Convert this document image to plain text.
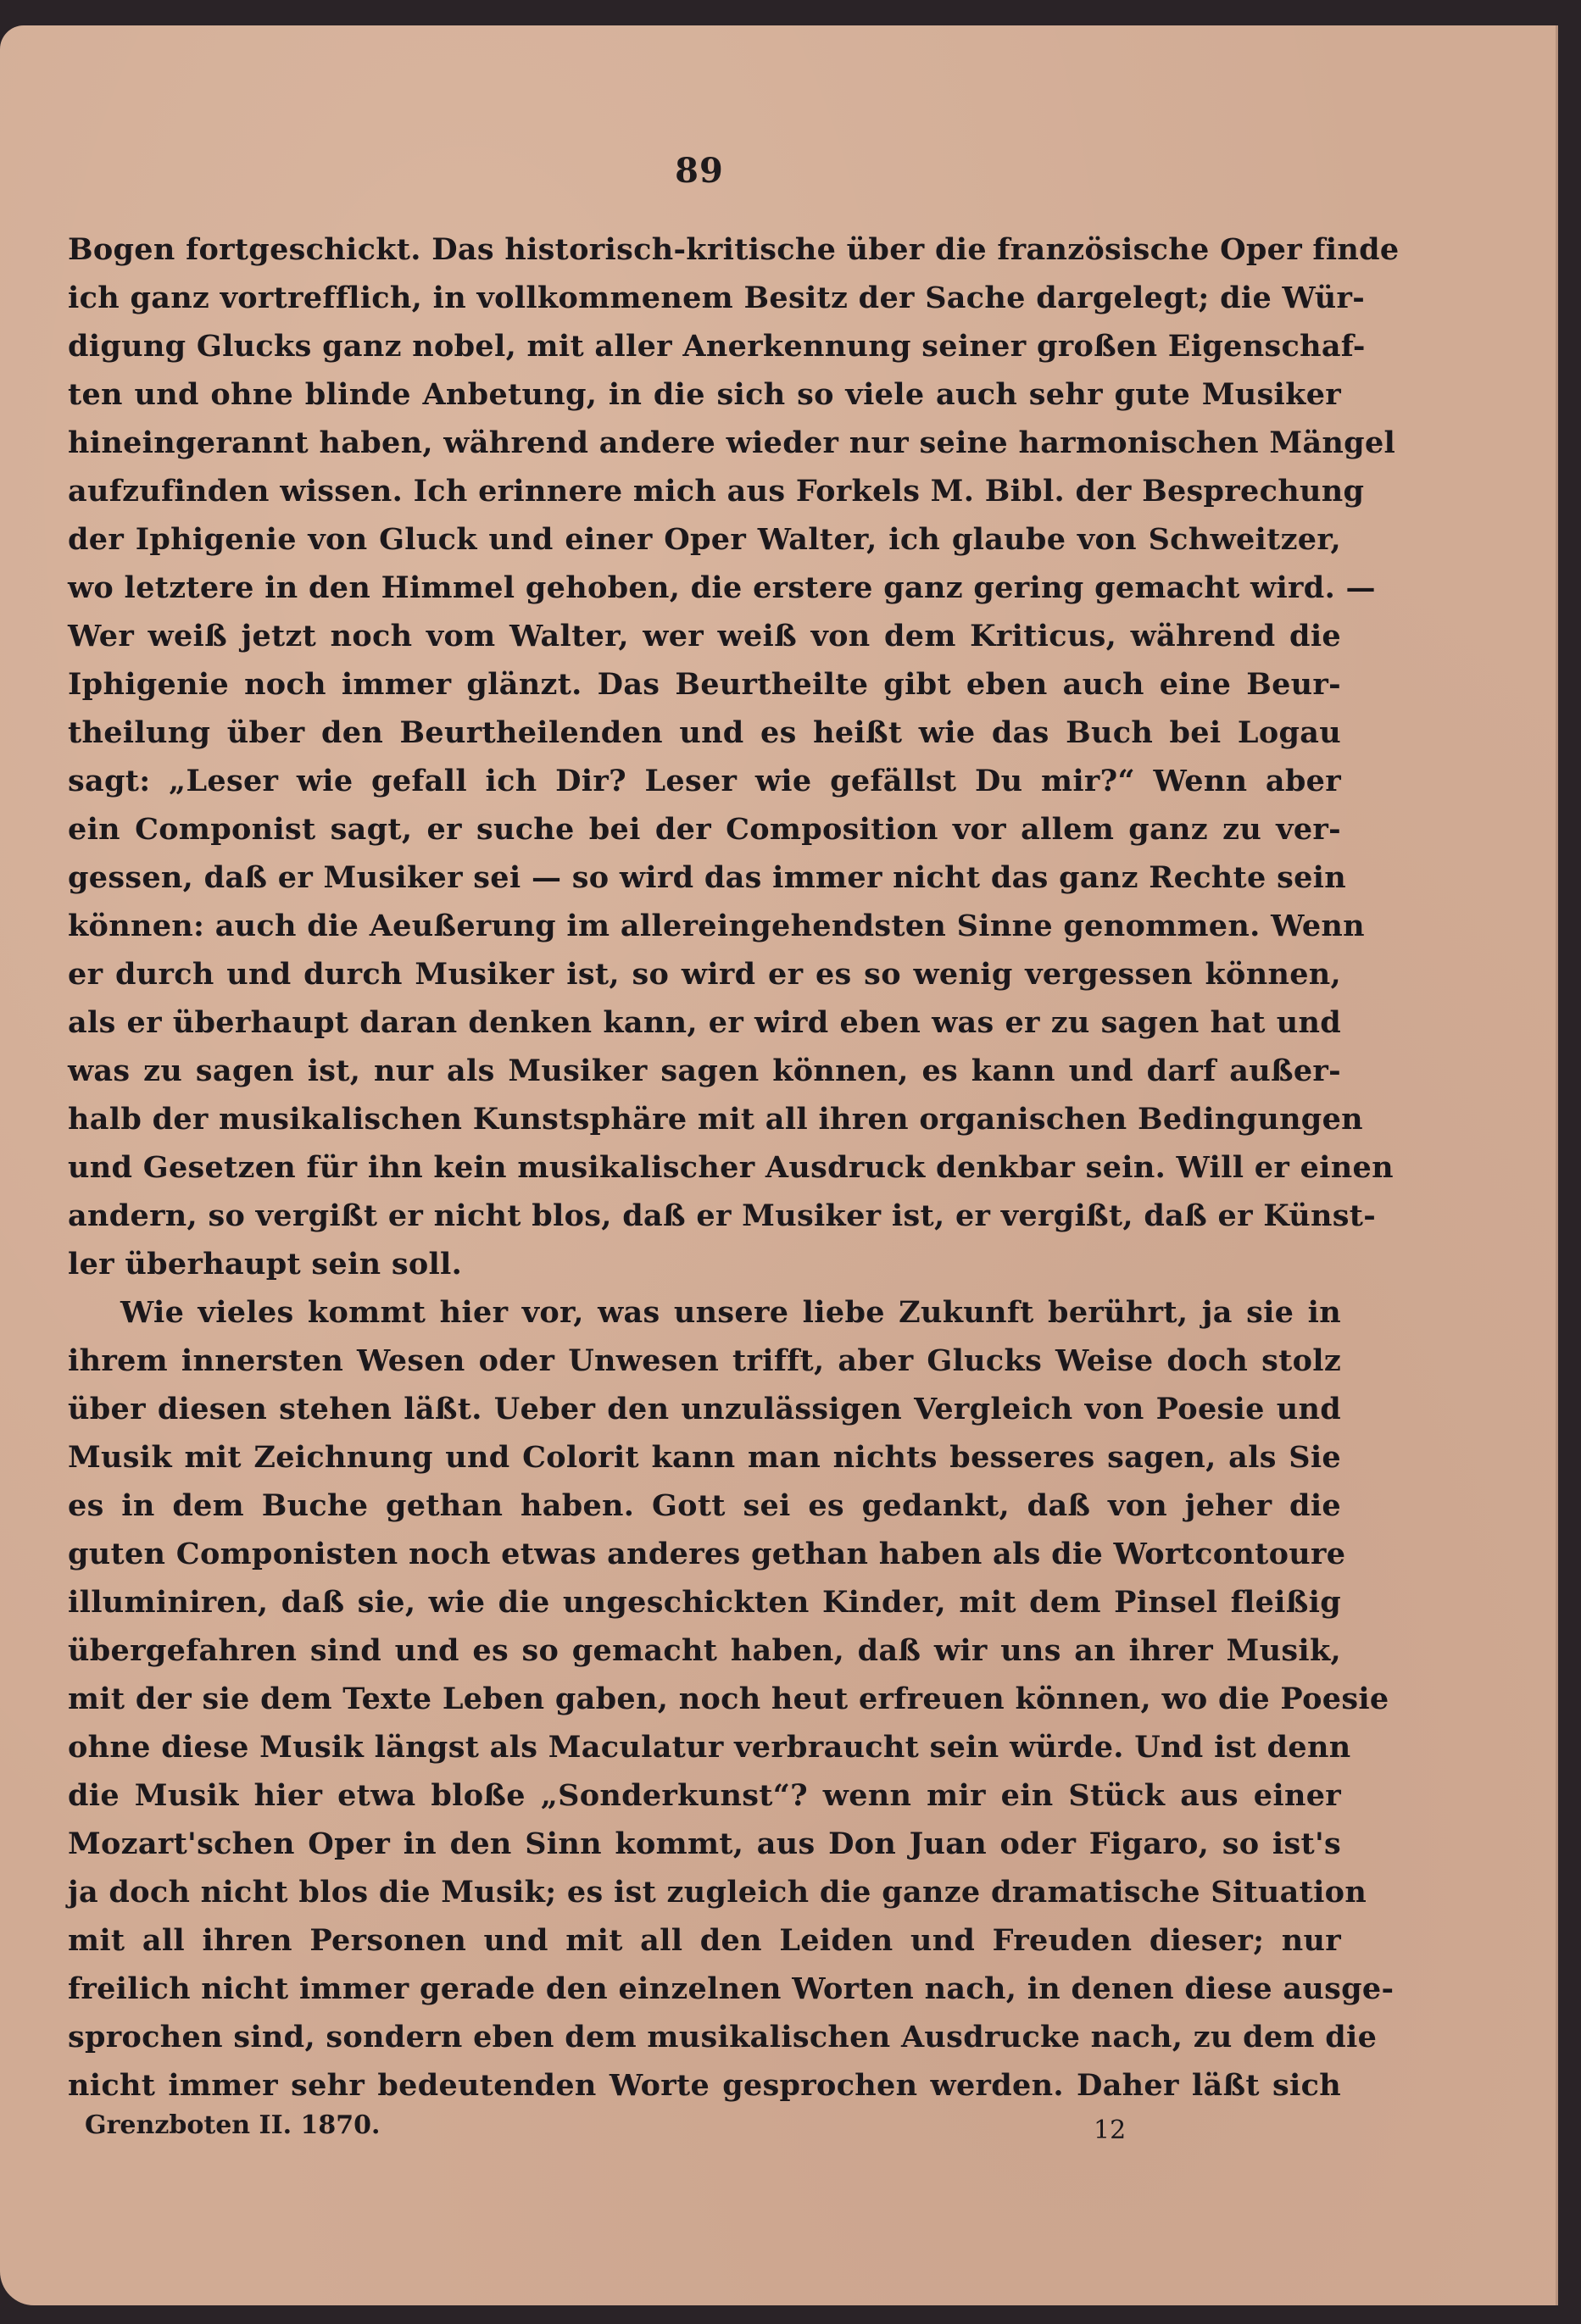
89
Bogen fortgeschickt. Das historisch-kritische über die französische Oper finde
ich ganz vortrefflich, in vollkommenem Besitz der Sache dargelegt; die Wür-
digung Glucks ganz nobel, mit aller Anerkennung seiner großen Eigenschaf-
ten und ohne blinde Anbetung, in die sich so viele auch sehr gute Musiker
hineingerannt haben, während andere wieder nur seine harmonischen Mängel
aufzufinden wissen. Ich erinnere mich aus Forkels M. Bibl. der Besprechung
der Iphigenie von Gluck und einer Oper Walter, ich glaube von Schweitzer,
wo letztere in den Himmel gehoben, die erstere ganz gering gemacht wird. —
Wer weiß jetzt noch vom Walter, wer weiß von dem Kriticus, während die
Iphigenie noch immer glänzt. Das Beurtheilte gibt eben auch eine Beur-
theilung über den Beurtheilenden und es heißt wie das Buch bei Logau
sagt: „Leser wie gefall ich Dir? Leser wie gefällst Du mir?“ Wenn aber
ein Componist sagt, er suche bei der Composition vor allem ganz zu ver-
gessen, daß er Musiker sei — so wird das immer nicht das ganz Rechte sein
können: auch die Aeußerung im allereingehendsten Sinne genommen. Wenn
er durch und durch Musiker ist, so wird er es so wenig vergessen können,
als er überhaupt daran denken kann, er wird eben was er zu sagen hat und
was zu sagen ist, nur als Musiker sagen können, es kann und darf außer-
halb der musikalischen Kunstsphäre mit all ihren organischen Bedingungen
und Gesetzen für ihn kein musikalischer Ausdruck denkbar sein. Will er einen
andern, so vergißt er nicht blos, daß er Musiker ist, er vergißt, daß er Künst-
ler überhaupt sein soll.
Wie vieles kommt hier vor, was unsere liebe Zukunft berührt, ja sie in
ihrem innersten Wesen oder Unwesen trifft, aber Glucks Weise doch stolz
über diesen stehen läßt. Ueber den unzulässigen Vergleich von Poesie und
Musik mit Zeichnung und Colorit kann man nichts besseres sagen, als Sie
es in dem Buche gethan haben. Gott sei es gedankt, daß von jeher die
guten Componisten noch etwas anderes gethan haben als die Wortcontoure
illuminiren, daß sie, wie die ungeschickten Kinder, mit dem Pinsel fleißig
übergefahren sind und es so gemacht haben, daß wir uns an ihrer Musik,
mit der sie dem Texte Leben gaben, noch heut erfreuen können, wo die Poesie
ohne diese Musik längst als Maculatur verbraucht sein würde. Und ist denn
die Musik hier etwa bloße „Sonderkunst“? wenn mir ein Stück aus einer
Mozart'schen Oper in den Sinn kommt, aus Don Juan oder Figaro, so ist's
ja doch nicht blos die Musik; es ist zugleich die ganze dramatische Situation
mit all ihren Personen und mit all den Leiden und Freuden dieser; nur
freilich nicht immer gerade den einzelnen Worten nach, in denen diese ausge-
sprochen sind, sondern eben dem musikalischen Ausdrucke nach, zu dem die
nicht immer sehr bedeutenden Worte gesprochen werden. Daher läßt sich
Grenzboten II. 1870.	12
